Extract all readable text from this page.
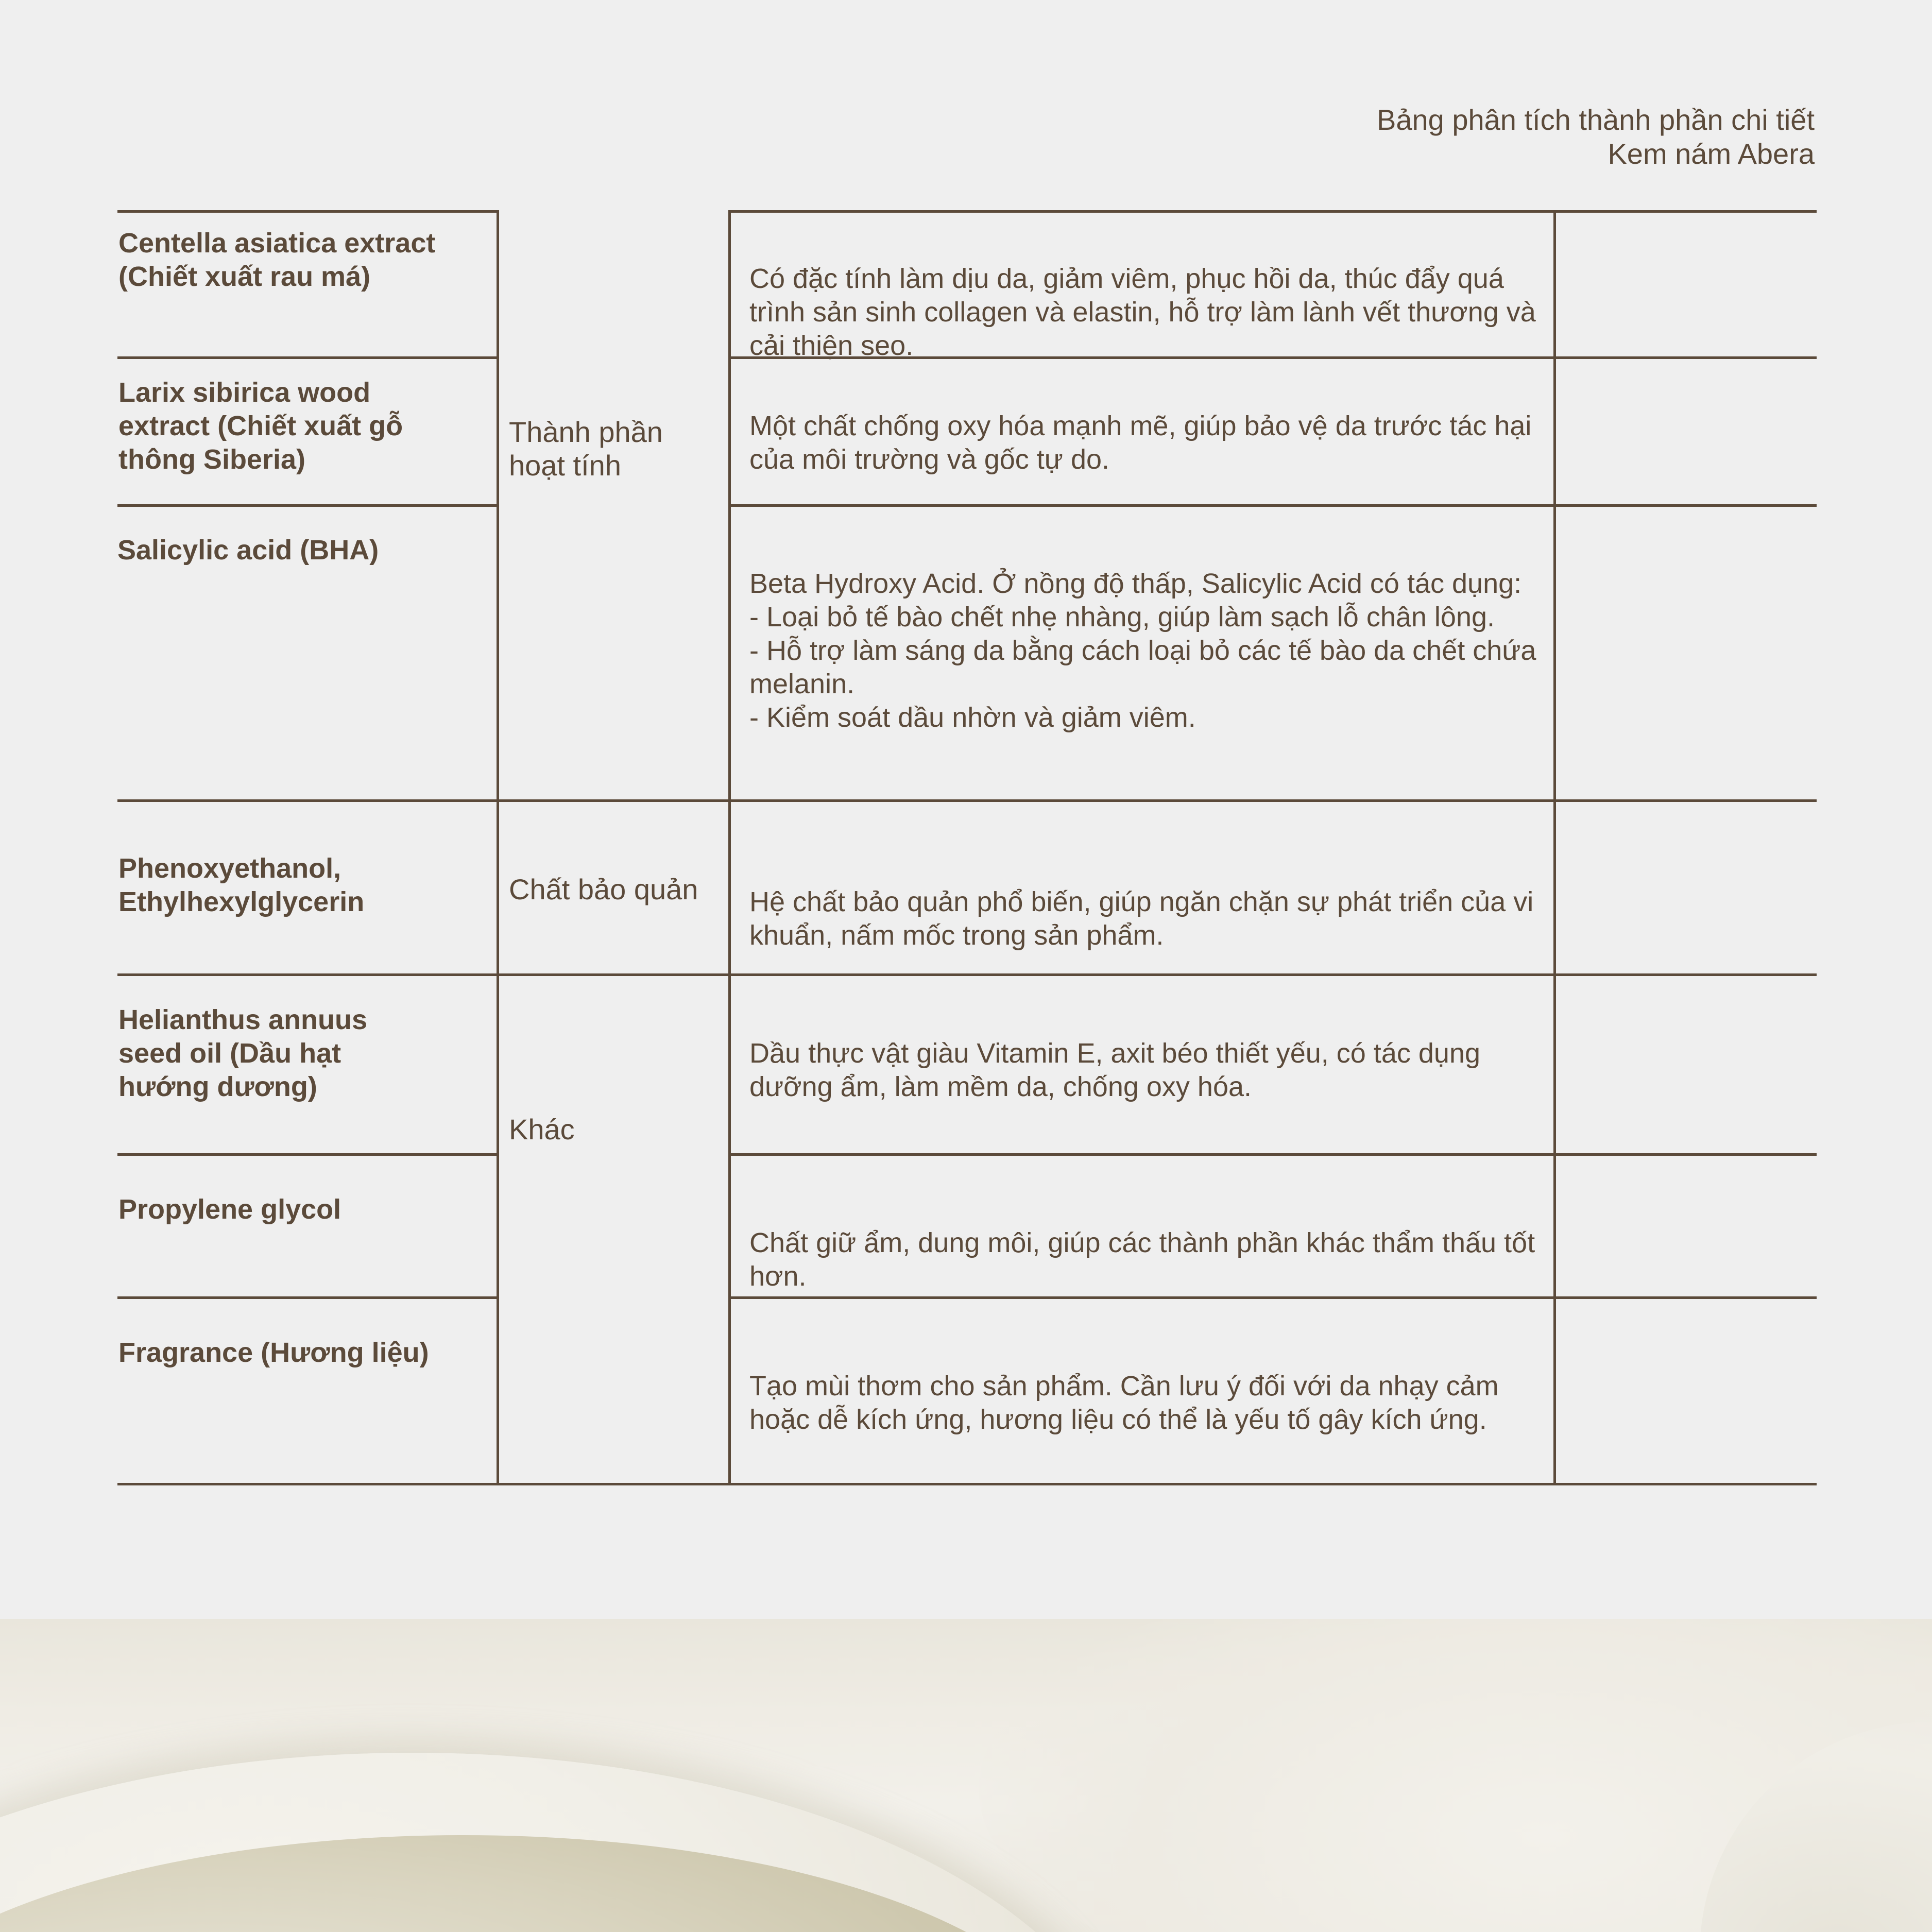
Bảng phân tích thành phần chi tiết
Kem nám Abera
Thành phần hoạt tính
Chất bảo quản
Khác
Centella asiatica extract (Chiết xuất rau má)	Có đặc tính làm dịu da, giảm viêm, phục hồi da, thúc đẩy quá trình sản sinh collagen và elastin, hỗ trợ làm lành vết thương và cải thiện sẹo.

Larix sibirica wood extract (Chiết xuất gỗ thông Siberia)

Một chất chống oxy hóa mạnh mẽ, giúp bảo vệ da trước tác hại của môi trường và gốc tự do.

Salicylic acid (BHA)

Beta Hydroxy Acid. Ở nồng độ thấp, Salicylic Acid có tác dụng:
- Loại bỏ tế bào chết nhẹ nhàng, giúp làm sạch lỗ chân lông.
- Hỗ trợ làm sáng da bằng cách loại bỏ các tế bào da chết chứa melanin.
- Kiểm soát dầu nhờn và giảm viêm.

Phenoxyethanol, Ethylhexylglycerin	Hệ chất bảo quản phổ biến, giúp ngăn chặn sự phát triển của vi khuẩn, nấm mốc trong sản phẩm.

Helianthus annuus seed oil (Dầu hạt hướng dương)

Dầu thực vật giàu Vitamin E, axit béo thiết yếu, có tác dụng dưỡng ẩm, làm mềm da, chống oxy hóa.

Propylene glycol

Chất giữ ẩm, dung môi, giúp các thành phần khác thẩm thấu tốt hơn.

Fragrance (Hương liệu)

Tạo mùi thơm cho sản phẩm. Cần lưu ý đối với da nhạy cảm hoặc dễ kích ứng, hương liệu có thể là yếu tố gây kích ứng.
